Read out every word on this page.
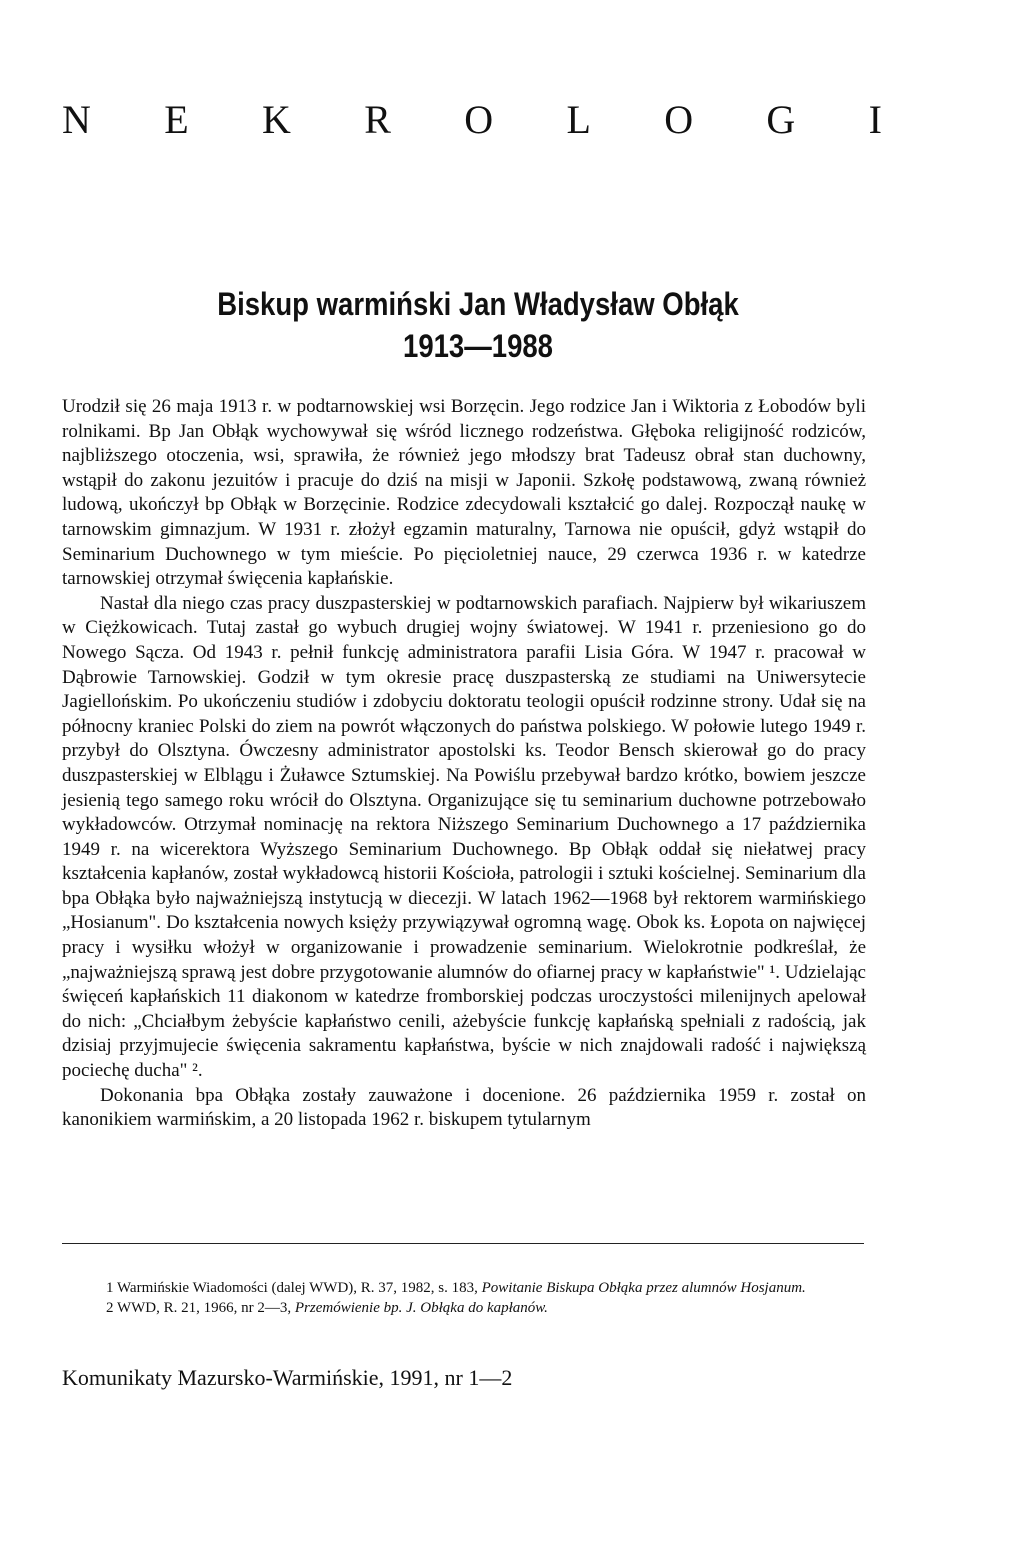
N E K R O L O G I
Biskup warmiński Jan Władysław Obłąk
1913—1988

Urodził się 26 maja 1913 r. w podtarnowskiej wsi Borzęcin. Jego rodzice Jan i Wiktoria z Łobodów byli rolnikami. Bp Jan Obłąk wychowywał się wśród licznego rodzeństwa. Głęboka religijność rodziców, najbliższego otoczenia, wsi, sprawiła, że również jego młodszy brat Tadeusz obrał stan duchowny, wstąpił do zakonu jezuitów i pracuje do dziś na misji w Japonii. Szkołę podstawową, zwaną również ludową, ukończył bp Obłąk w Borzęcinie. Rodzice zdecydowali kształcić go dalej. Rozpoczął naukę w tarnowskim gimnazjum. W 1931 r. złożył egzamin maturalny, Tarnowa nie opuścił, gdyż wstąpił do Seminarium Duchownego w tym mieście. Po pięcioletniej nauce, 29 czerwca 1936 r. w katedrze tarnowskiej otrzymał święcenia kapłańskie.

Nastał dla niego czas pracy duszpasterskiej w podtarnowskich parafiach. Najpierw był wikariuszem w Ciężkowicach. Tutaj zastał go wybuch drugiej wojny światowej. W 1941 r. przeniesiono go do Nowego Sącza. Od 1943 r. pełnił funkcję administratora parafii Lisia Góra. W 1947 r. pracował w Dąbrowie Tarnowskiej. Godził w tym okresie pracę duszpasterską ze studiami na Uniwersytecie Jagiellońskim. Po ukończeniu studiów i zdobyciu doktoratu teologii opuścił rodzinne strony. Udał się na północny kraniec Polski do ziem na powrót włączonych do państwa polskiego. W połowie lutego 1949 r. przybył do Olsztyna. Ówczesny administrator apostolski ks. Teodor Bensch skierował go do pracy duszpasterskiej w Elblągu i Żuławce Sztumskiej. Na Powiślu przebywał bardzo krótko, bowiem jeszcze jesienią tego samego roku wrócił do Olsztyna. Organizujące się tu seminarium duchowne potrzebowało wykładowców. Otrzymał nominację na rektora Niższego Seminarium Duchownego a 17 października 1949 r. na wicerektora Wyższego Seminarium Duchownego. Bp Obłąk oddał się niełatwej pracy kształcenia kapłanów, został wykładowcą historii Kościoła, patrologii i sztuki kościelnej. Seminarium dla bpa Obłąka było najważniejszą instytucją w diecezji. W latach 1962—1968 był rektorem warmińskiego „Hosianum". Do kształcenia nowych księży przywiązywał ogromną wagę. Obok ks. Łopota on najwięcej pracy i wysiłku włożył w organizowanie i prowadzenie seminarium. Wielokrotnie podkreślał, że „najważniejszą sprawą jest dobre przygotowanie alumnów do ofiarnej pracy w kapłaństwie" ¹. Udzielając święceń kapłańskich 11 diakonom w katedrze fromborskiej podczas uroczystości milenijnych apelował do nich: „Chciałbym żebyście kapłaństwo cenili, ażebyście funkcję kapłańską spełniali z radością, jak dzisiaj przyjmujecie święcenia sakramentu kapłaństwa, byście w nich znajdowali radość i największą pociechę ducha" ².

Dokonania bpa Obłąka zostały zauważone i docenione. 26 października 1959 r. został on kanonikiem warmińskim, a 20 listopada 1962 r. biskupem tytularnym

1 Warmińskie Wiadomości (dalej WWD), R. 37, 1982, s. 183, Powitanie Biskupa Obłąka przez alumnów Hosjanum.

2 WWD, R. 21, 1966, nr 2—3, Przemówienie bp. J. Obłąka do kapłanów.

Komunikaty Mazursko-Warmińskie, 1991, nr 1—2
